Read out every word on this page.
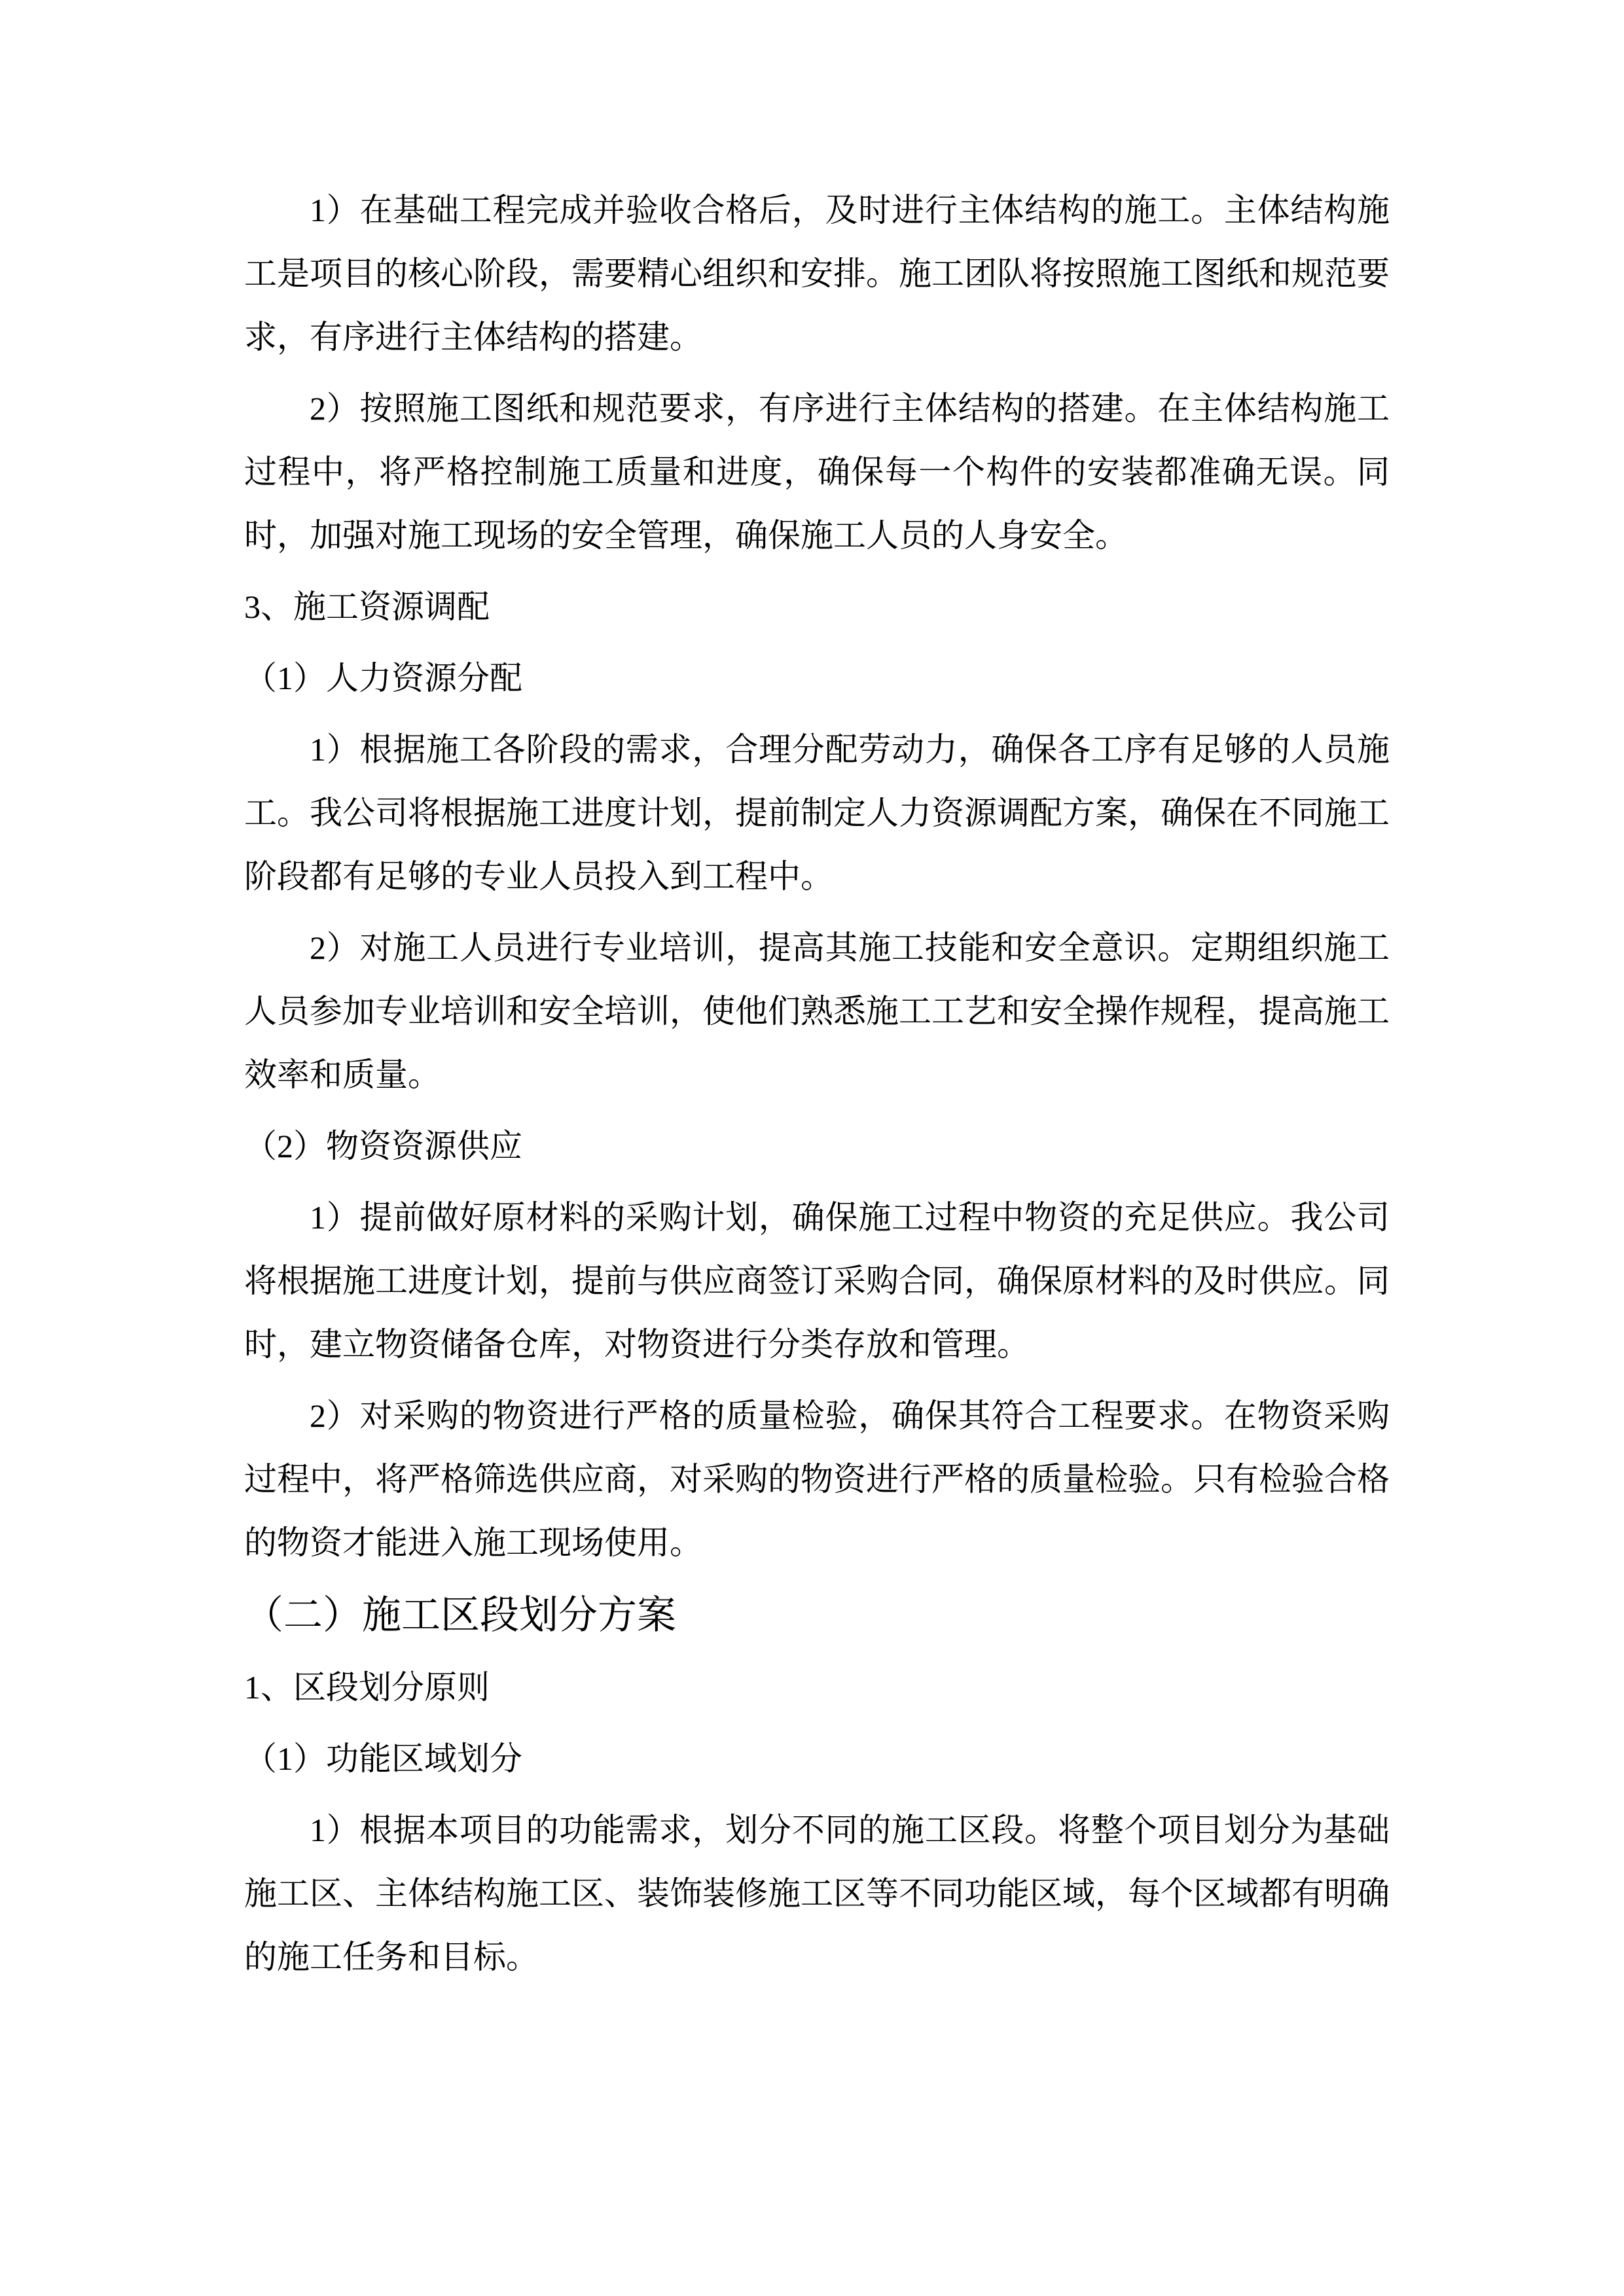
1）在基础工程完成并验收合格后，及时进行主体结构的施工。主体结构施工是项目的核心阶段，需要精心组织和安排。施工团队将按照施工图纸和规范要求，有序进行主体结构的搭建。

2）按照施工图纸和规范要求，有序进行主体结构的搭建。在主体结构施工过程中，将严格控制施工质量和进度，确保每一个构件的安装都准确无误。同时，加强对施工现场的安全管理，确保施工人员的人身安全。

3、施工资源调配

（1）人力资源分配

1）根据施工各阶段的需求，合理分配劳动力，确保各工序有足够的人员施工。我公司将根据施工进度计划，提前制定人力资源调配方案，确保在不同施工阶段都有足够的专业人员投入到工程中。

2）对施工人员进行专业培训，提高其施工技能和安全意识。定期组织施工人员参加专业培训和安全培训，使他们熟悉施工工艺和安全操作规程，提高施工效率和质量。

（2）物资资源供应

1）提前做好原材料的采购计划，确保施工过程中物资的充足供应。我公司将根据施工进度计划，提前与供应商签订采购合同，确保原材料的及时供应。同时，建立物资储备仓库，对物资进行分类存放和管理。

2）对采购的物资进行严格的质量检验，确保其符合工程要求。在物资采购过程中，将严格筛选供应商，对采购的物资进行严格的质量检验。只有检验合格的物资才能进入施工现场使用。

（二）施工区段划分方案

1、区段划分原则

（1）功能区域划分

1）根据本项目的功能需求，划分不同的施工区段。将整个项目划分为基础施工区、主体结构施工区、装饰装修施工区等不同功能区域，每个区域都有明确的施工任务和目标。
